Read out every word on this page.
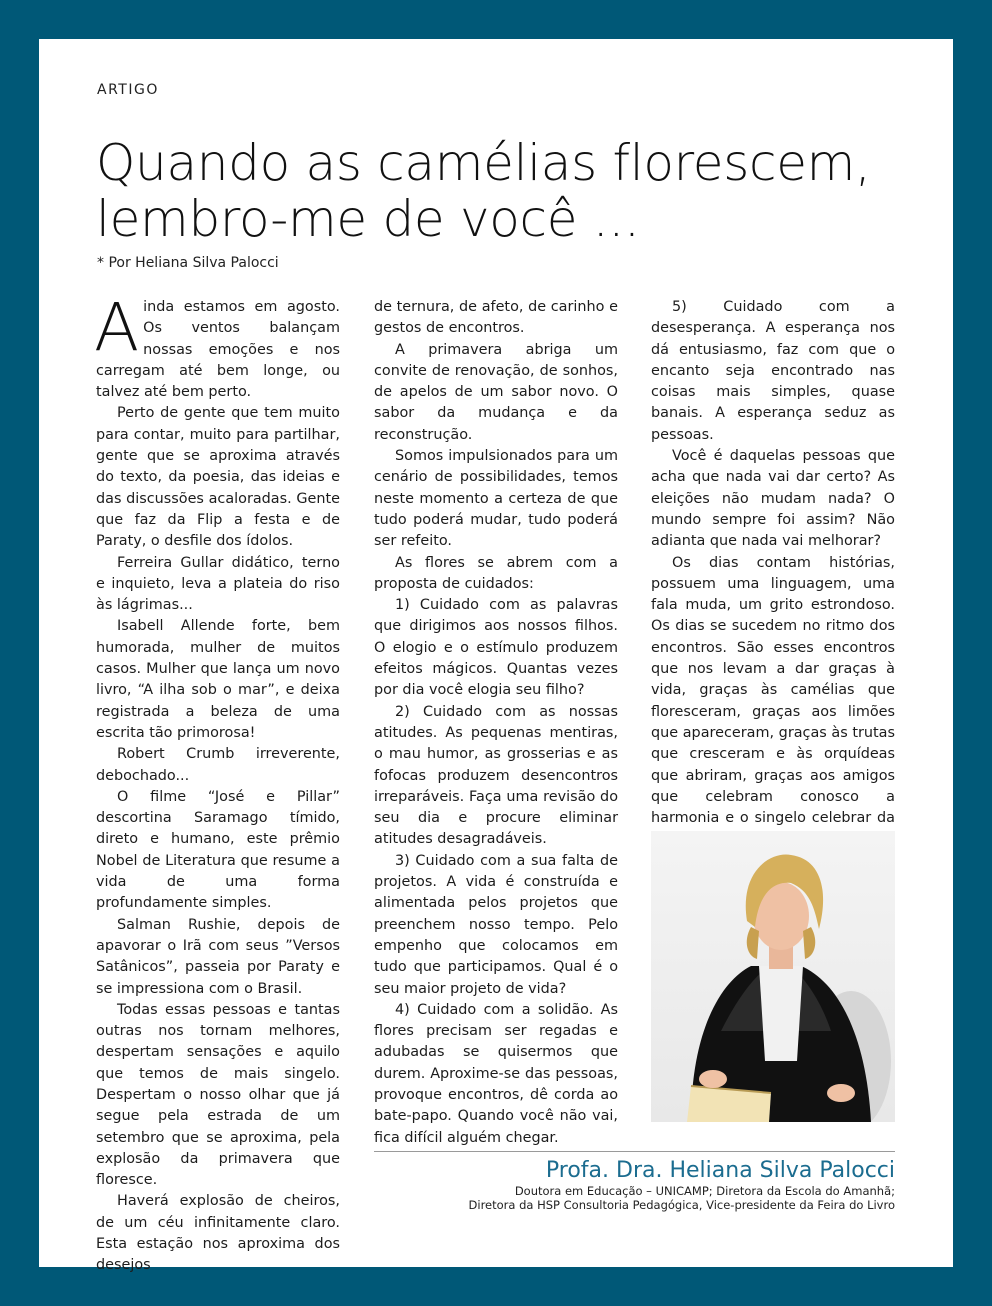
ARTIGO
Quando as camélias florescem,
lembro-me de você ...
* Por Heliana Silva Palocci

Ainda estamos em agosto. Os ventos balançam nossas emoções e nos carregam até bem longe, ou talvez até bem perto.

Perto de gente que tem muito para contar, muito para partilhar, gente que se aproxima através do texto, da poesia, das ideias e das discussões acaloradas. Gente que faz da Flip a festa e de Paraty, o desfile dos ídolos.

Ferreira Gullar didático, terno e inquieto, leva a plateia do riso às lágrimas...

Isabell Allende forte, bem humorada, mulher de muitos casos. Mulher que lança um novo livro, “A ilha sob o mar”, e deixa registrada a beleza de uma escrita tão primorosa!

Robert Crumb irreverente, debochado...

O filme “José e Pillar” descortina Saramago tímido, direto e humano, este prêmio Nobel de Literatura que resume a vida de uma forma profundamente simples.

Salman Rushie, depois de apavorar o Irã com seus ”Versos Satânicos”, passeia por Paraty e se impressiona com o Brasil.

Todas essas pessoas e tantas outras nos tornam melhores, despertam sensações e aquilo que temos de mais singelo. Despertam o nosso olhar que já segue pela estrada de um setembro que se aproxima, pela explosão da primavera que floresce.

Haverá explosão de cheiros, de um céu infinitamente claro. Esta estação nos aproxima dos desejos

de ternura, de afeto, de carinho e gestos de encontros.

A primavera abriga um convite de renovação, de sonhos, de apelos de um sabor novo. O sabor da mudança e da reconstrução.

Somos impulsionados para um cenário de possibilidades, temos neste momento a certeza de que tudo poderá mudar, tudo poderá ser refeito.

As flores se abrem com a proposta de cuidados:

1) Cuidado com as palavras que dirigimos aos nossos filhos. O elogio e o estímulo produzem efeitos mágicos. Quantas vezes por dia você elogia seu filho?

2) Cuidado com as nossas atitudes. As pequenas mentiras, o mau humor, as grosserias e as fofocas produzem desencontros irreparáveis. Faça uma revisão do seu dia e procure eliminar atitudes desagradáveis.

3) Cuidado com a sua falta de projetos. A vida é construída e alimentada pelos projetos que preenchem nosso tempo. Pelo empenho que colocamos em tudo que participamos. Qual é o seu maior projeto de vida?

4) Cuidado com a solidão. As flores precisam ser regadas e adubadas se quisermos que durem. Aproxime-se das pessoas, provoque encontros, dê corda ao bate-papo. Quando você não vai, fica difícil alguém chegar.

5) Cuidado com a desesperança. A esperança nos dá entusiasmo, faz com que o encanto seja encontrado nas coisas mais simples, quase banais. A esperança seduz as pessoas.

Você é daquelas pessoas que acha que nada vai dar certo? As eleições não mudam nada? O mundo sempre foi assim? Não adianta que nada vai melhorar?

Os dias contam histórias, possuem uma linguagem, uma fala muda, um grito estrondoso. Os dias se sucedem no ritmo dos encontros. São esses encontros que nos levam a dar graças à vida, graças às camélias que floresceram, graças aos limões que apareceram, graças às trutas que cresceram e às orquídeas que abriram, graças aos amigos que celebram conosco a harmonia e o singelo celebrar da

Profa. Dra. Heliana Silva Palocci
Doutora em Educação – UNICAMP; Diretora da Escola do Amanhã;
Diretora da HSP Consultoria Pedagógica, Vice-presidente da Feira do Livro
